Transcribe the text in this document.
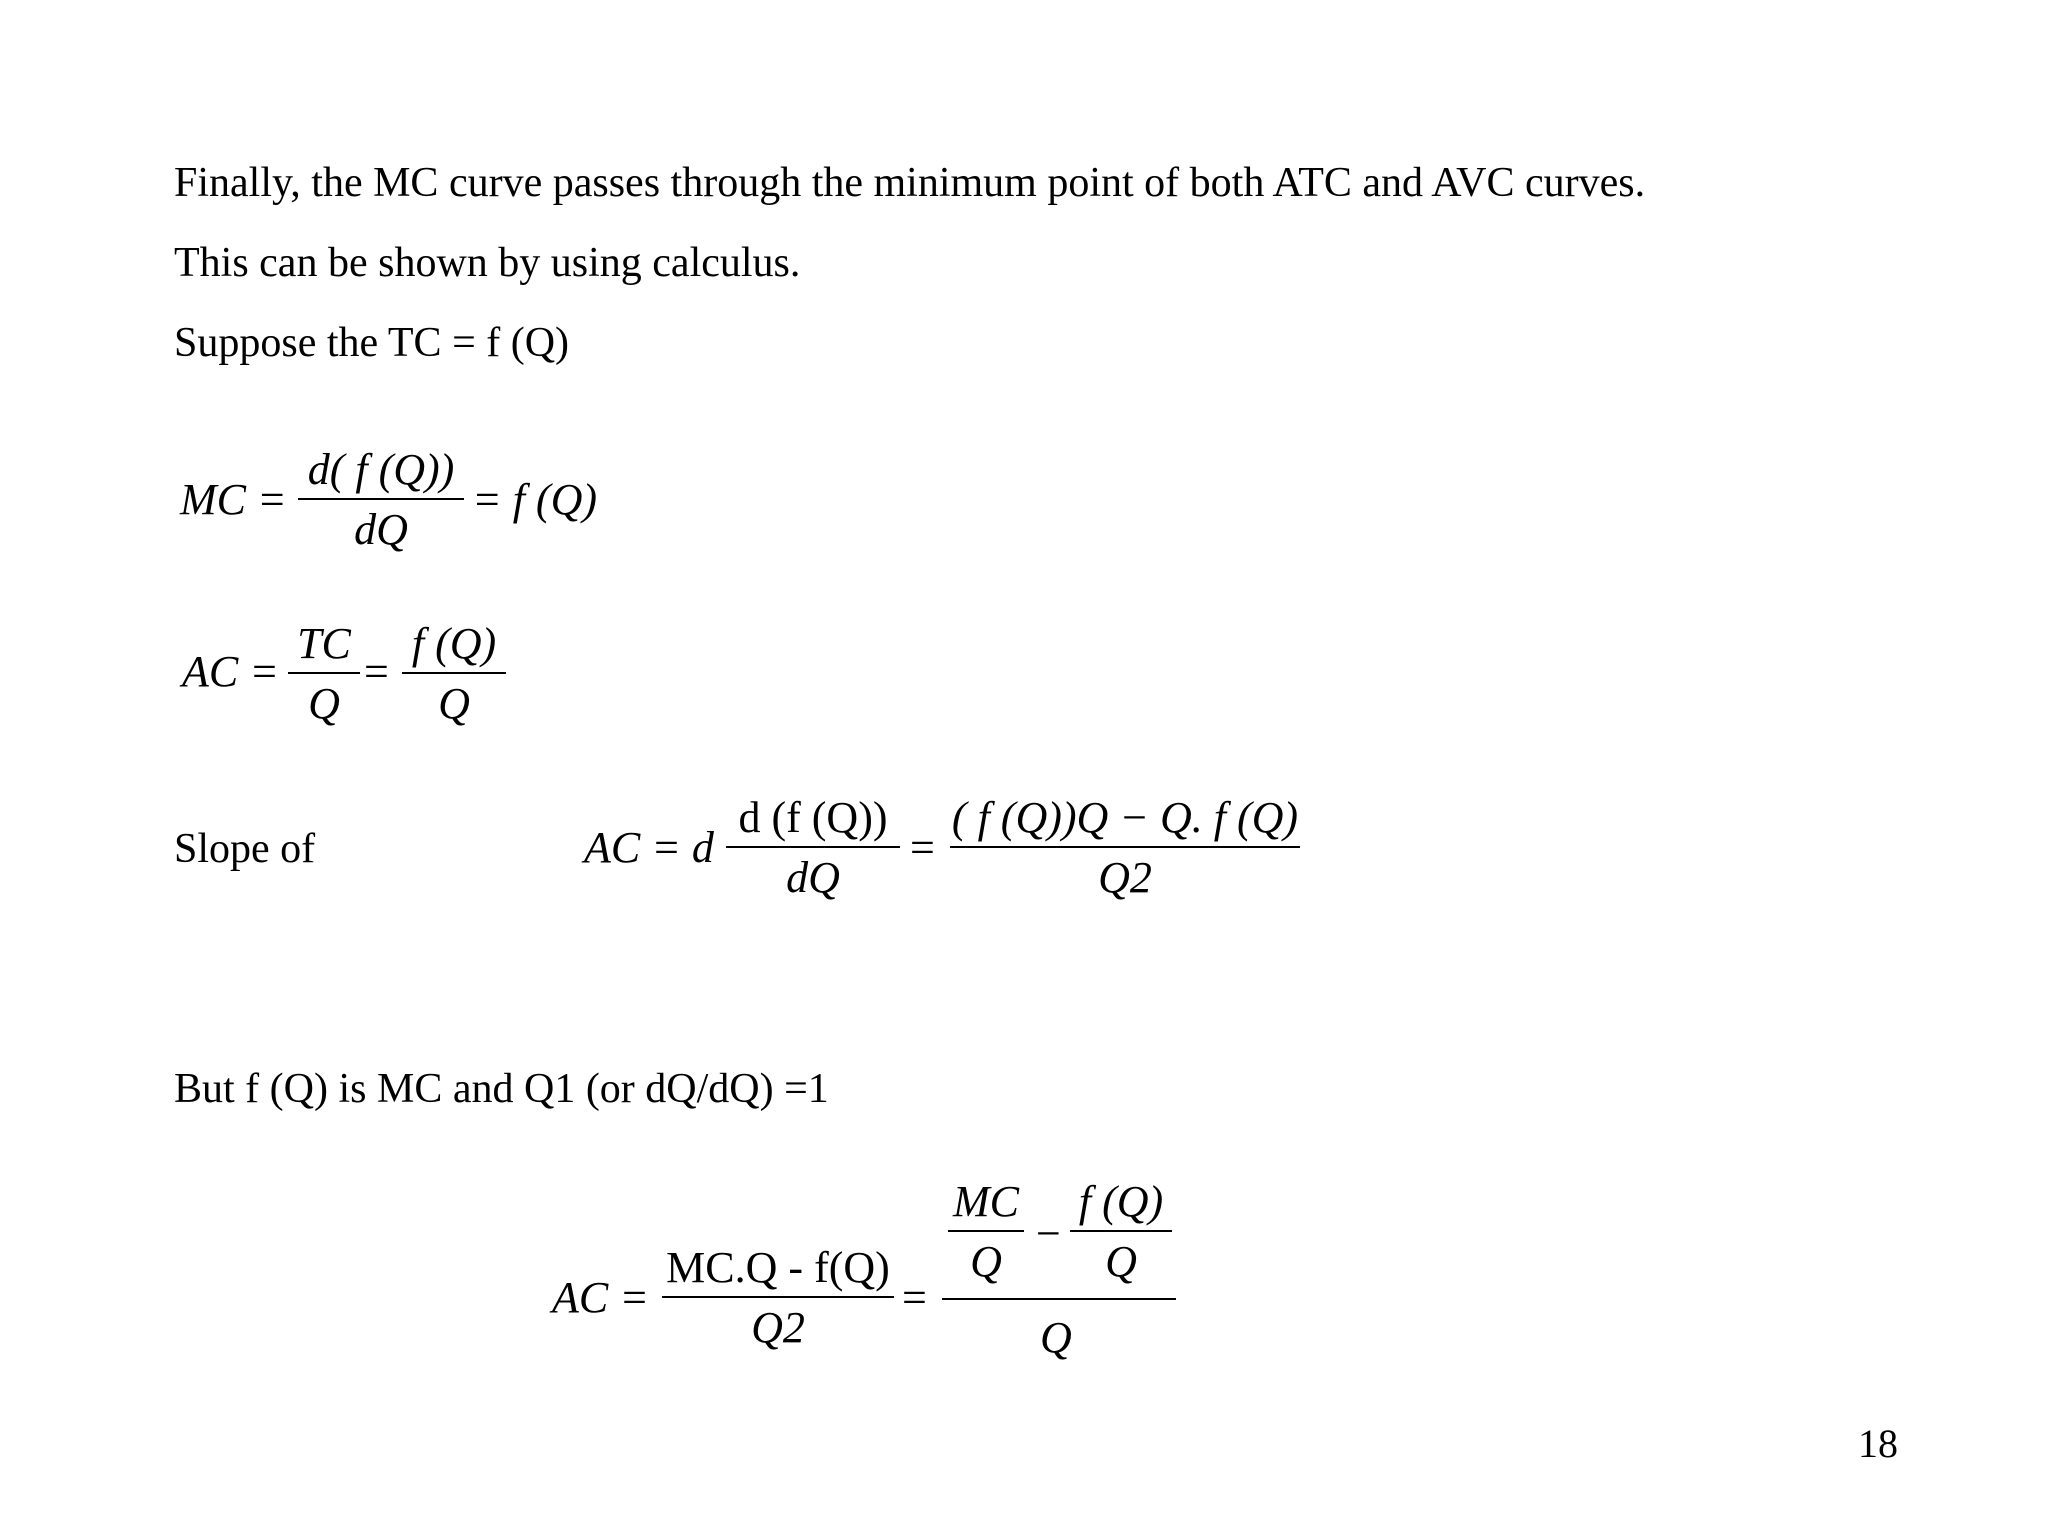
Finally, the MC curve passes through the minimum point of both ATC and AVC curves.
This can be shown by using calculus.
Suppose the TC = f (Q)
MC =
d( f (Q))
dQ
= f (Q)
AC =
TC
Q
=
f (Q)
Q
Slope of	AC = d
d (f (Q))
dQ
=
( f (Q))Q − Q. f (Q)
Q2
But f (Q) is MC and Q1 (or dQ/dQ) =1
AC =
MC.Q - f(Q)
Q2
=
MC
Q
−
f (Q)
Q
Q
18
